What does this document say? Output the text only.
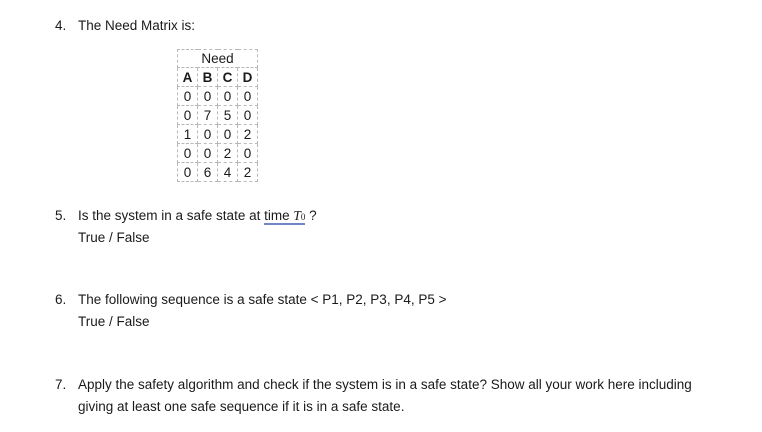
4. The Need Matrix is:
Need			
A	B	C	D
0	0	0	0
0	7	5	0
1	0	0	2
0	0	2	0
0	6	4	2
5. Is the system in a safe state at time T0 ?
True / False
6. The following sequence is a safe state < P1, P2, P3, P4, P5 >
True / False
7. Apply the safety algorithm and check if the system is in a safe state? Show all your work here including
giving at least one safe sequence if it is in a safe state.
